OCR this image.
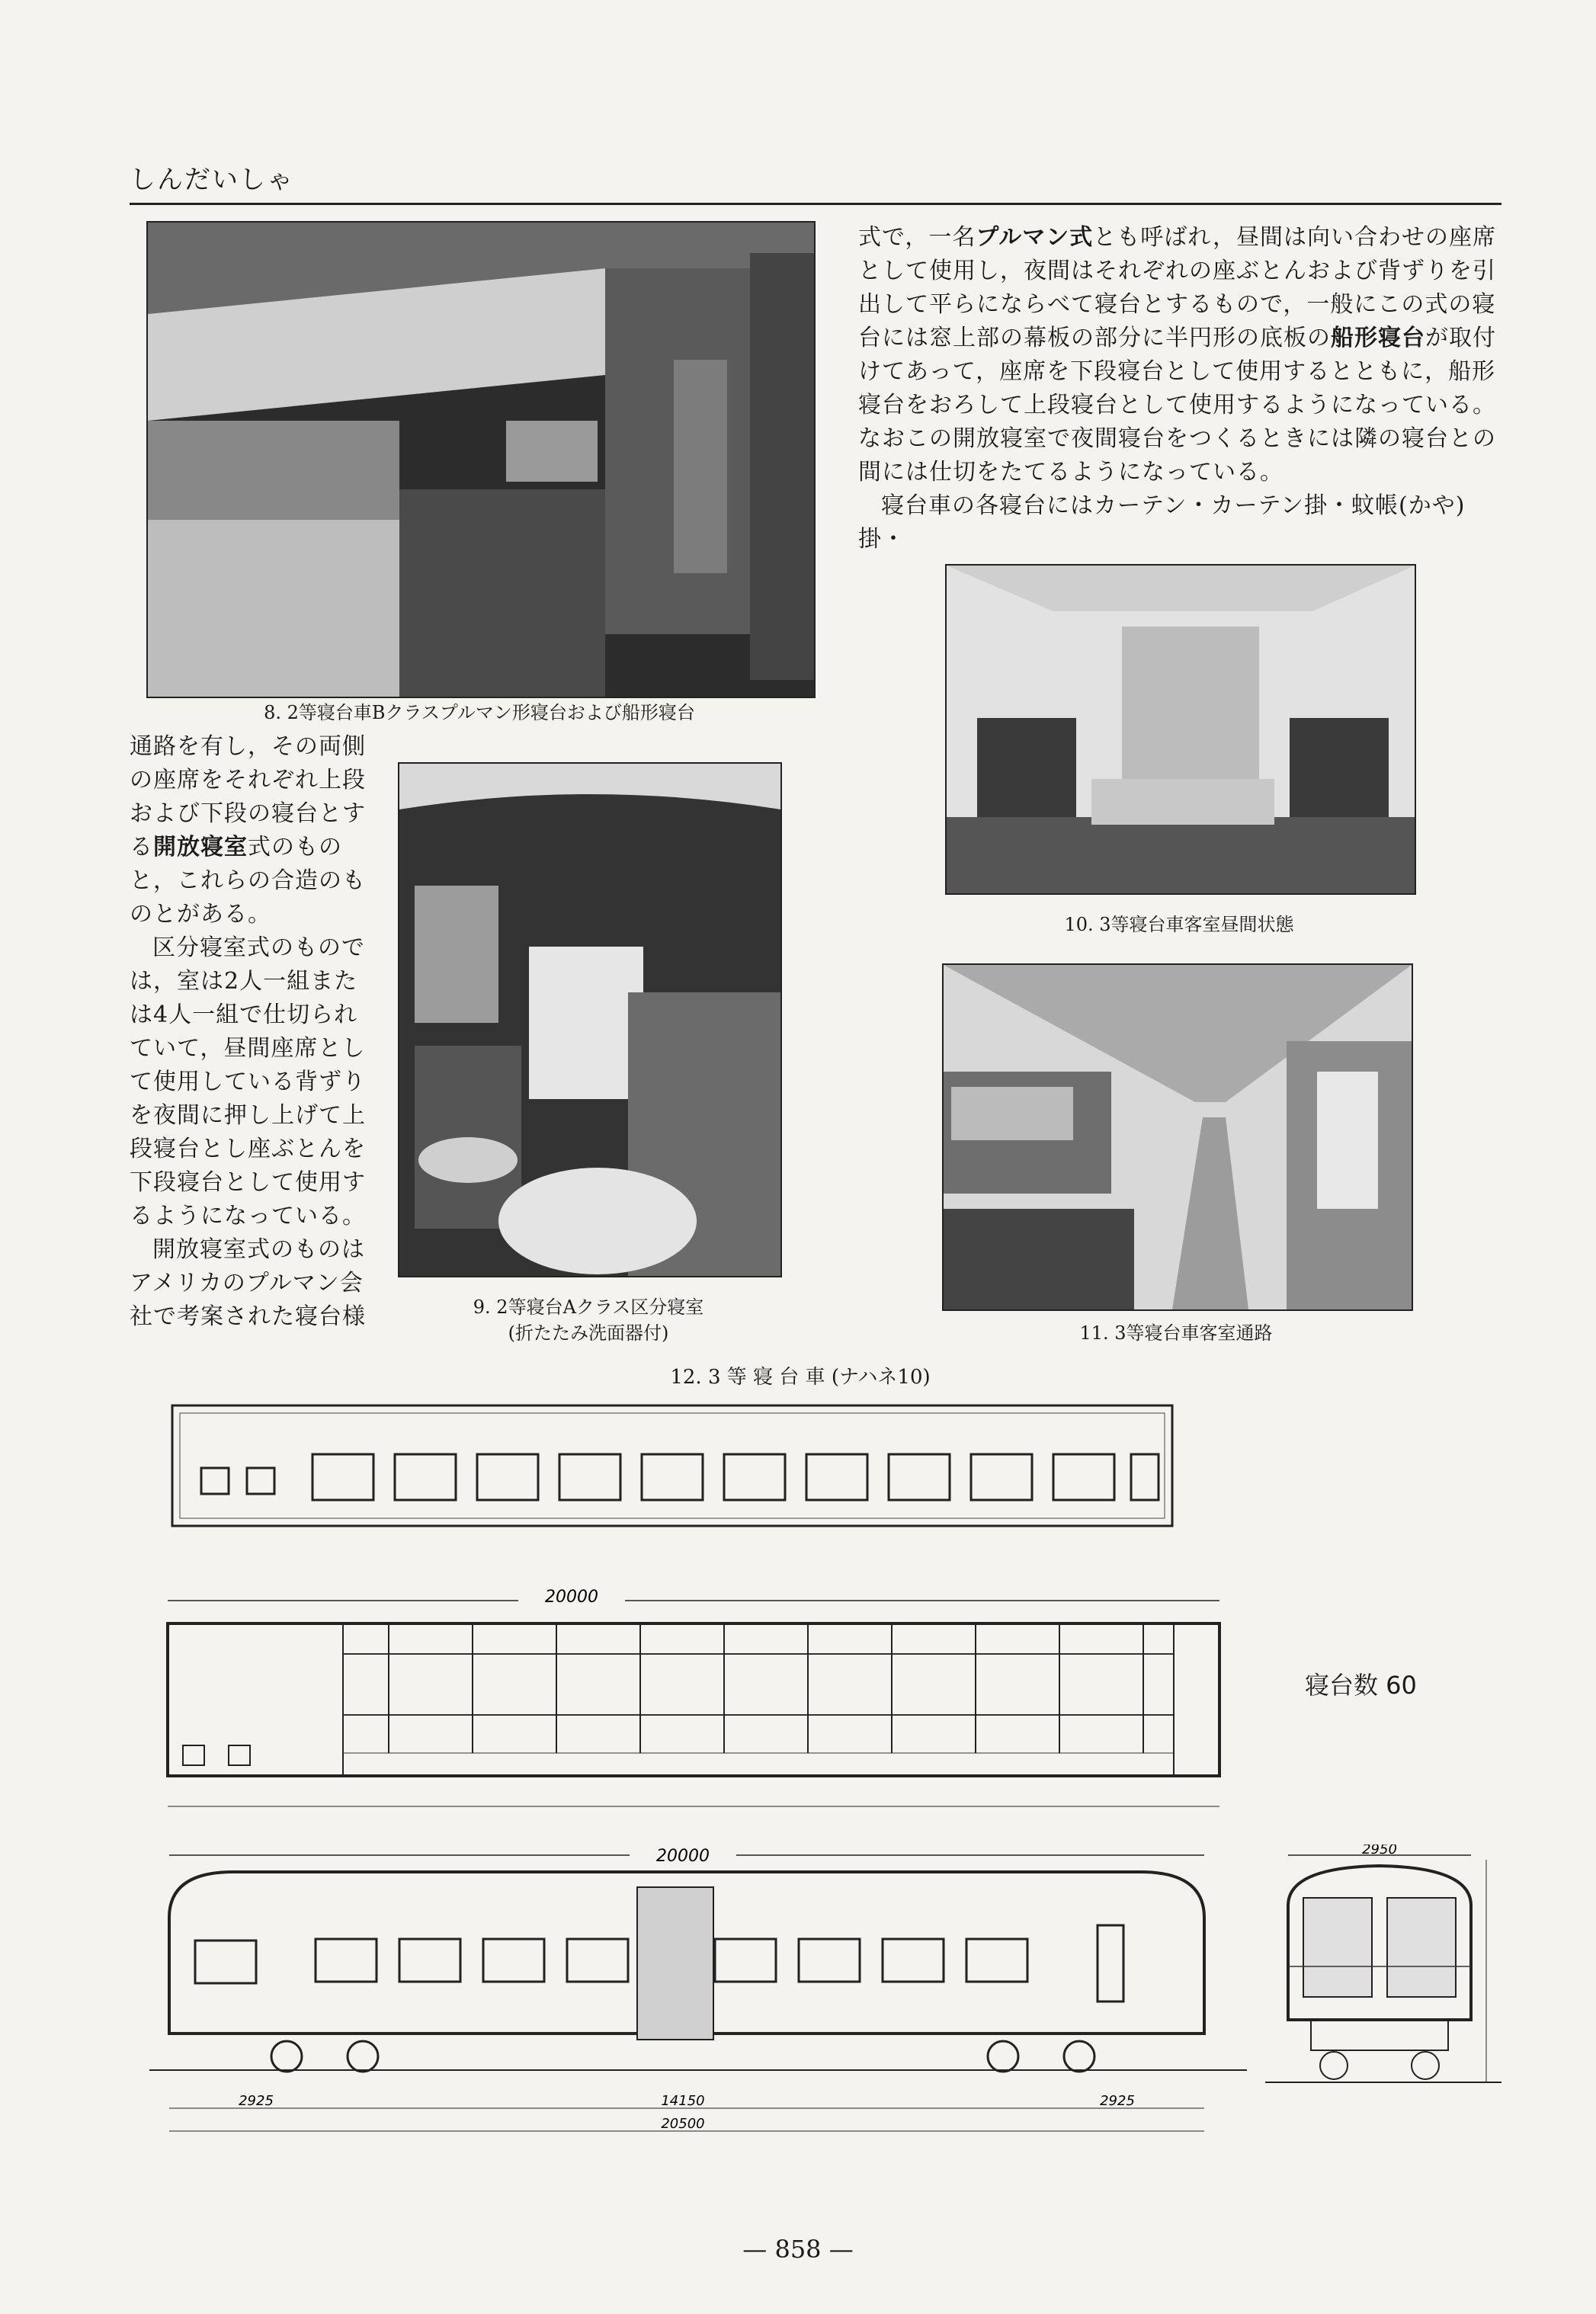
しんだいしゃ
8. 2等寝台車Bクラスプルマン形寝台および船形寝台

通路を有し，その両側の座席をそれぞれ上段および下段の寝台とする開放寝室式のものと，これらの合造のものとがある。

区分寝室式のものでは，室は2人一組または4人一組で仕切られていて，昼間座席として使用している背ずりを夜間に押し上げて上段寝台とし座ぶとんを下段寝台として使用するようになっている。

開放寝室式のものはアメリカのプルマン会社で考案された寝台様	9. 2等寝台Aクラス区分寝室
(折たたみ洗面器付)

式で，一名プルマン式とも呼ばれ，昼間は向い合わせの座席として使用し，夜間はそれぞれの座ぶとんおよび背ずりを引出して平らにならべて寝台とするもので，一般にこの式の寝台には窓上部の幕板の部分に半円形の底板の船形寝台が取付けてあって，座席を下段寝台として使用するとともに，船形寝台をおろして上段寝台として使用するようになっている。なおこの開放寝室で夜間寝台をつくるときには隣の寝台との間には仕切をたてるようになっている。

寝台車の各寝台にはカーテン・カーテン掛・蚊帳(かや)掛・

10. 3等寝台車客室昼間状態
11. 3等寝台車客室通路
12. 3 等 寝 台 車 (ナハネ10)
20000
寝台数 60
20000
2925	14150	2925
20500
2950
— 858 —
